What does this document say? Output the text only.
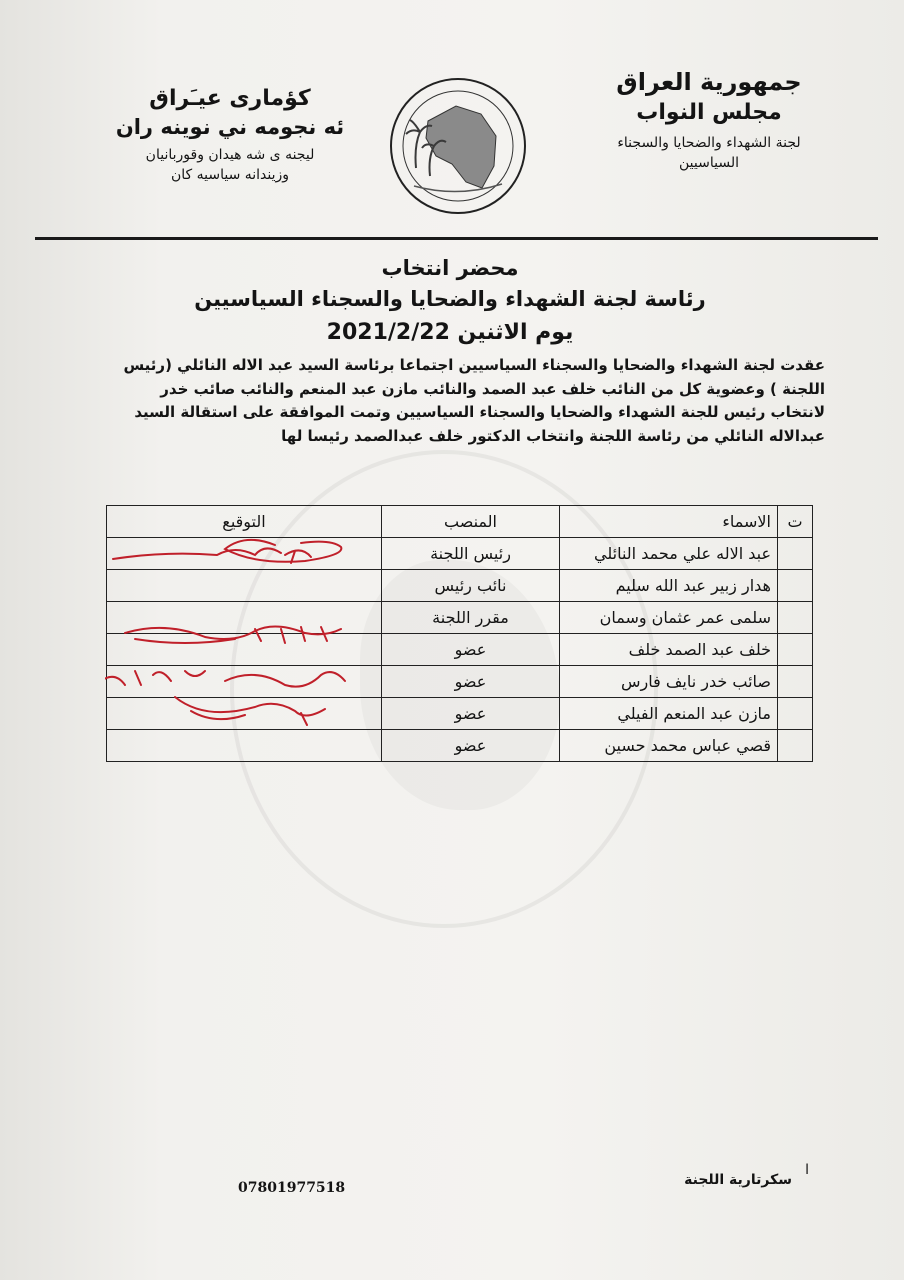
جمهورية العراق
مجلس النواب
لجنة الشهداء والضحايا والسجناء السياسيين
كؤمارى عيـَراق
ئه نجومه ني نوينه ران
ليجنه ى شه هيدان وقوربانيان
وزيندانه سياسيه كان
محضر انتخاب
رئاسة لجنة الشهداء والضحايا والسجناء السياسيين
يوم الاثنين 2021/2/22
عقدت لجنة الشهداء والضحايا والسجناء السياسيين اجتماعا برئاسة السيد عبد الاله النائلي (رئيس اللجنة ) وعضوية كل من النائب خلف عبد الصمد والنائب مازن عبد المنعم والنائب صائب خدر لانتخاب رئيس للجنة الشهداء والضحايا والسجناء السياسيين وتمت الموافقة على استقالة السيد عبدالاله النائلي من رئاسة اللجنة وانتخاب الدكتور خلف عبدالصمد رئيسا لها
ت	الاسماء	المنصب	التوقيع
	عبد الاله علي محمد النائلي	رئيس اللجنة	
	هدار زبير عبد الله سليم	نائب رئيس	
	سلمى عمر عثمان وسمان	مقرر اللجنة	
	خلف عبد الصمد خلف	عضو	
	صائب خدر نايف فارس	عضو	
	مازن عبد المنعم الفيلي	عضو	
	قصي عباس محمد حسين	عضو	
07801977518	سكرتارية اللجنة
ا
